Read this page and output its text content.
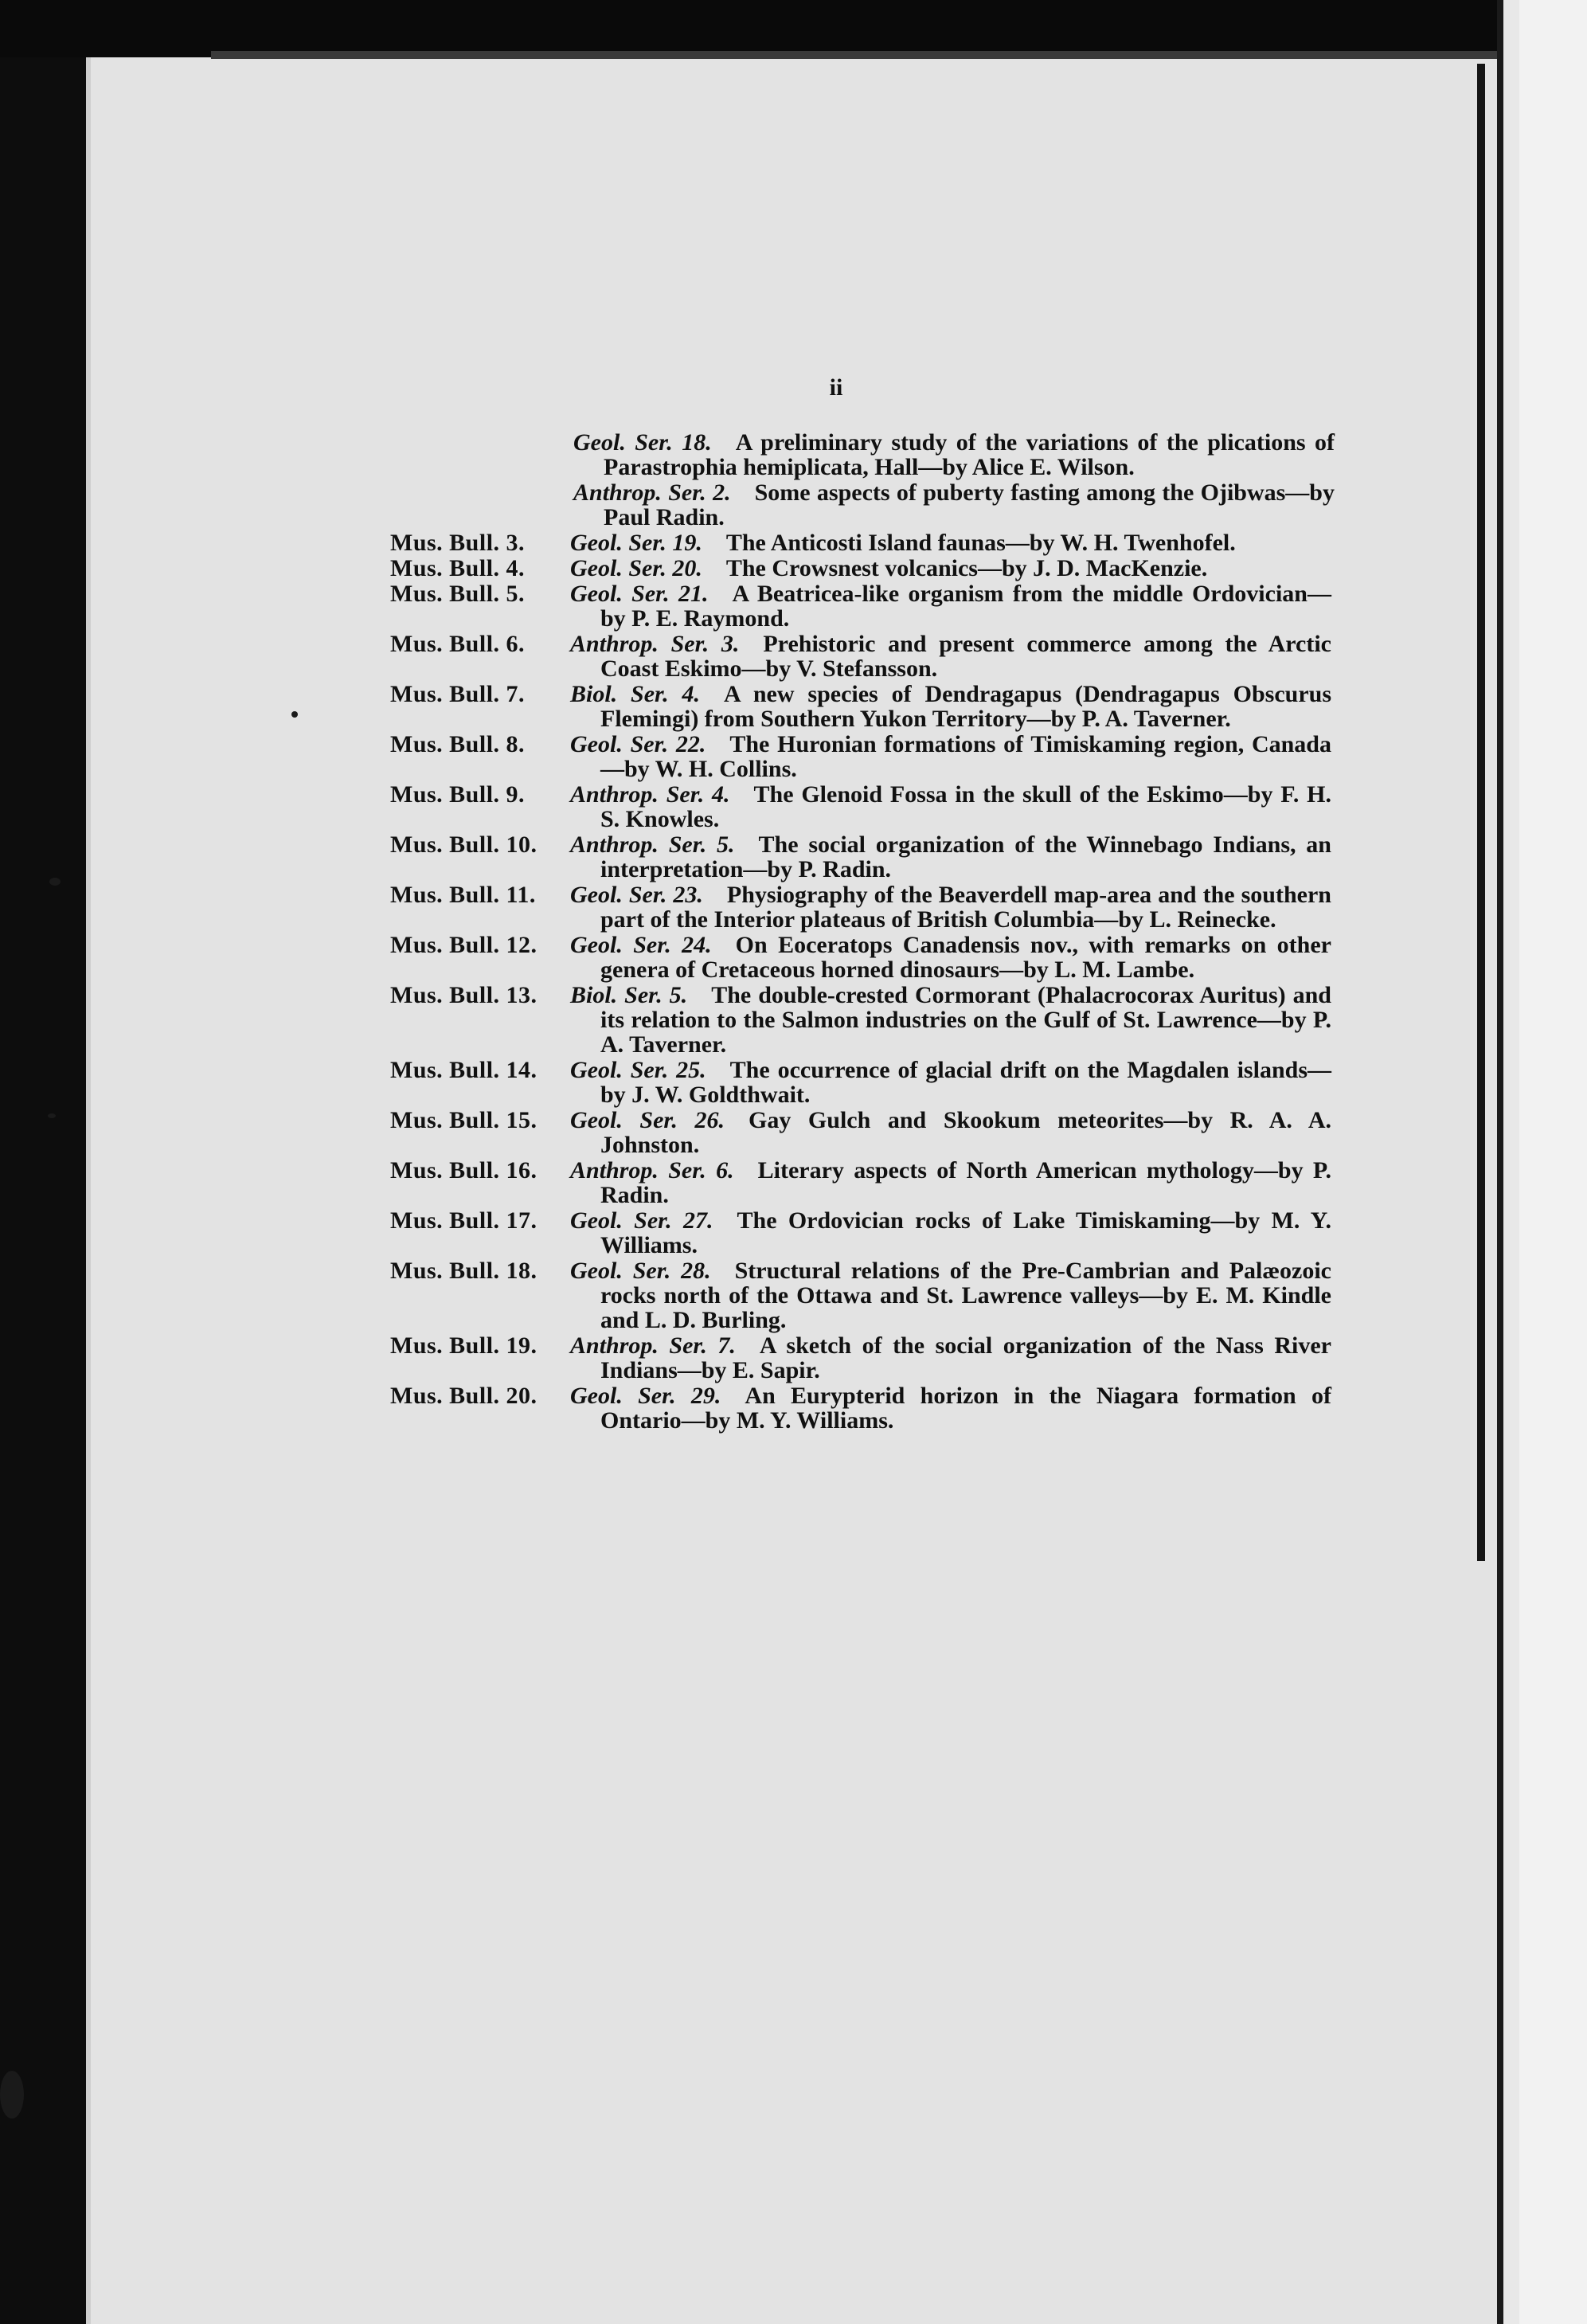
ii
Geol. Ser. 18.  A preliminary study of the variations of the plications of Parastrophia hemiplicata, Hall—by Alice E. Wilson.
Anthrop. Ser. 2.  Some aspects of puberty fasting among the Ojibwas—by Paul Radin.
Mus. Bull. 3.	Geol. Ser. 19.  The Anticosti Island faunas—by W. H. Twenhofel.
Mus. Bull. 4.	Geol. Ser. 20.  The Crowsnest volcanics—by J. D. MacKenzie.
Mus. Bull. 5.	Geol. Ser. 21.  A Beatricea-like organism from the middle Ordovician—by P. E. Raymond.
Mus. Bull. 6.	Anthrop. Ser. 3.  Prehistoric and present commerce among the Arctic Coast Eskimo—by V. Stefansson.
Mus. Bull. 7.	Biol. Ser. 4.  A new species of Dendragapus (Dendragapus Obscurus Flemingi) from Southern Yukon Territory—by P. A. Taverner.
Mus. Bull. 8.	Geol. Ser. 22.  The Huronian formations of Timiskaming region, Canada—by W. H. Collins.
Mus. Bull. 9.	Anthrop. Ser. 4.  The Glenoid Fossa in the skull of the Eskimo—by F. H. S. Knowles.
Mus. Bull. 10.	Anthrop. Ser. 5.  The social organization of the Winnebago Indians, an interpretation—by P. Radin.
Mus. Bull. 11.	Geol. Ser. 23.  Physiography of the Beaverdell map-area and the southern part of the Interior plateaus of British Columbia—by L. Reinecke.
Mus. Bull. 12.	Geol. Ser. 24.  On Eoceratops Canadensis nov., with remarks on other genera of Cretaceous horned dinosaurs—by L. M. Lambe.
Mus. Bull. 13.	Biol. Ser. 5.  The double-crested Cormorant (Phalacrocorax Auritus) and its relation to the Salmon industries on the Gulf of St. Lawrence—by P. A. Taverner.
Mus. Bull. 14.	Geol. Ser. 25.  The occurrence of glacial drift on the Magdalen islands—by J. W. Goldthwait.
Mus. Bull. 15.	Geol. Ser. 26.  Gay Gulch and Skookum meteorites—by R. A. A. Johnston.
Mus. Bull. 16.	Anthrop. Ser. 6.  Literary aspects of North American mythology—by P. Radin.
Mus. Bull. 17.	Geol. Ser. 27.  The Ordovician rocks of Lake Timiskaming—by M. Y. Williams.
Mus. Bull. 18.	Geol. Ser. 28.  Structural relations of the Pre-Cambrian and Palæozoic rocks north of the Ottawa and St. Lawrence valleys—by E. M. Kindle and L. D. Burling.
Mus. Bull. 19.	Anthrop. Ser. 7.  A sketch of the social organization of the Nass River Indians—by E. Sapir.
Mus. Bull. 20.	Geol. Ser. 29.  An Eurypterid horizon in the Niagara formation of Ontario—by M. Y. Williams.
